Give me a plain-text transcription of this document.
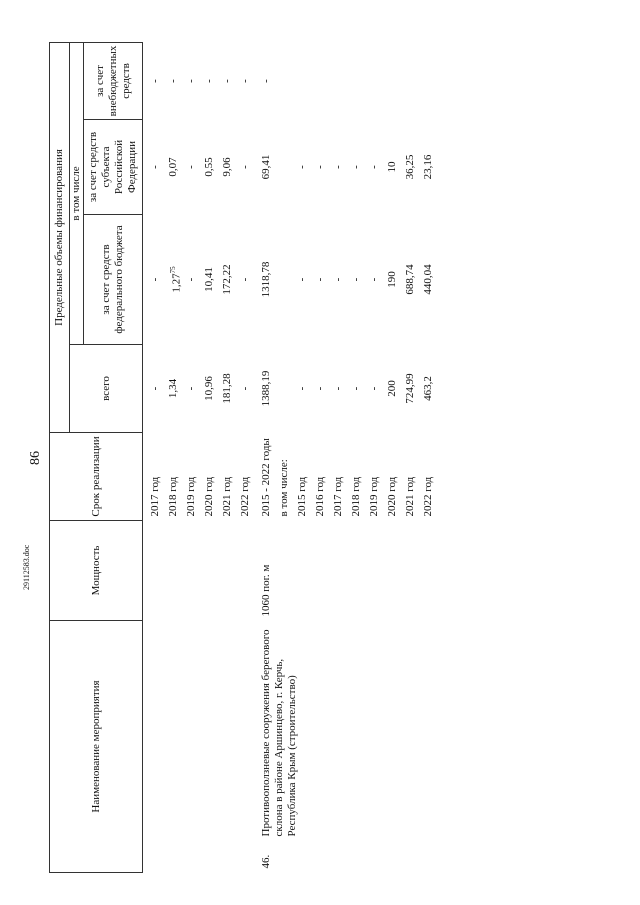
86
Наименование мероприятия		Мощность	Срок реализации	Предельные объемы финансирования			
				всего	в том числе		
					за счет средств федерального бюджета	за счет средств субъекта Российской Федерации	за счет внебюджетных средств
			2017 год	-	-	-	-
			2018 год	1,34	1,27$^{75}$	0,07	-
			2019 год	-	-	-	-
			2020 год	10,96	10,41	0,55	-
			2021 год	181,28	172,22	9,06	-
			2022 год	-	-	-	-
46.	Противооползневые сооружения берегового склона в районе Аршинцево, г. Керчь, Республика Крым (строительство)	1060 пог. м	2015 - 2022 годы	1388,19	1318,78	69,41	-
			в том числе:				
			2015 год	-	-	-	
			2016 год	-	-	-	
			2017 год	-	-	-	
			2018 год	-	-	-	
			2019 год	-	-	-	
			2020 год	200	190	10	
			2021 год	724,99	688,74	36,25	
			2022 год	463,2	440,04	23,16	
29112583.doc
